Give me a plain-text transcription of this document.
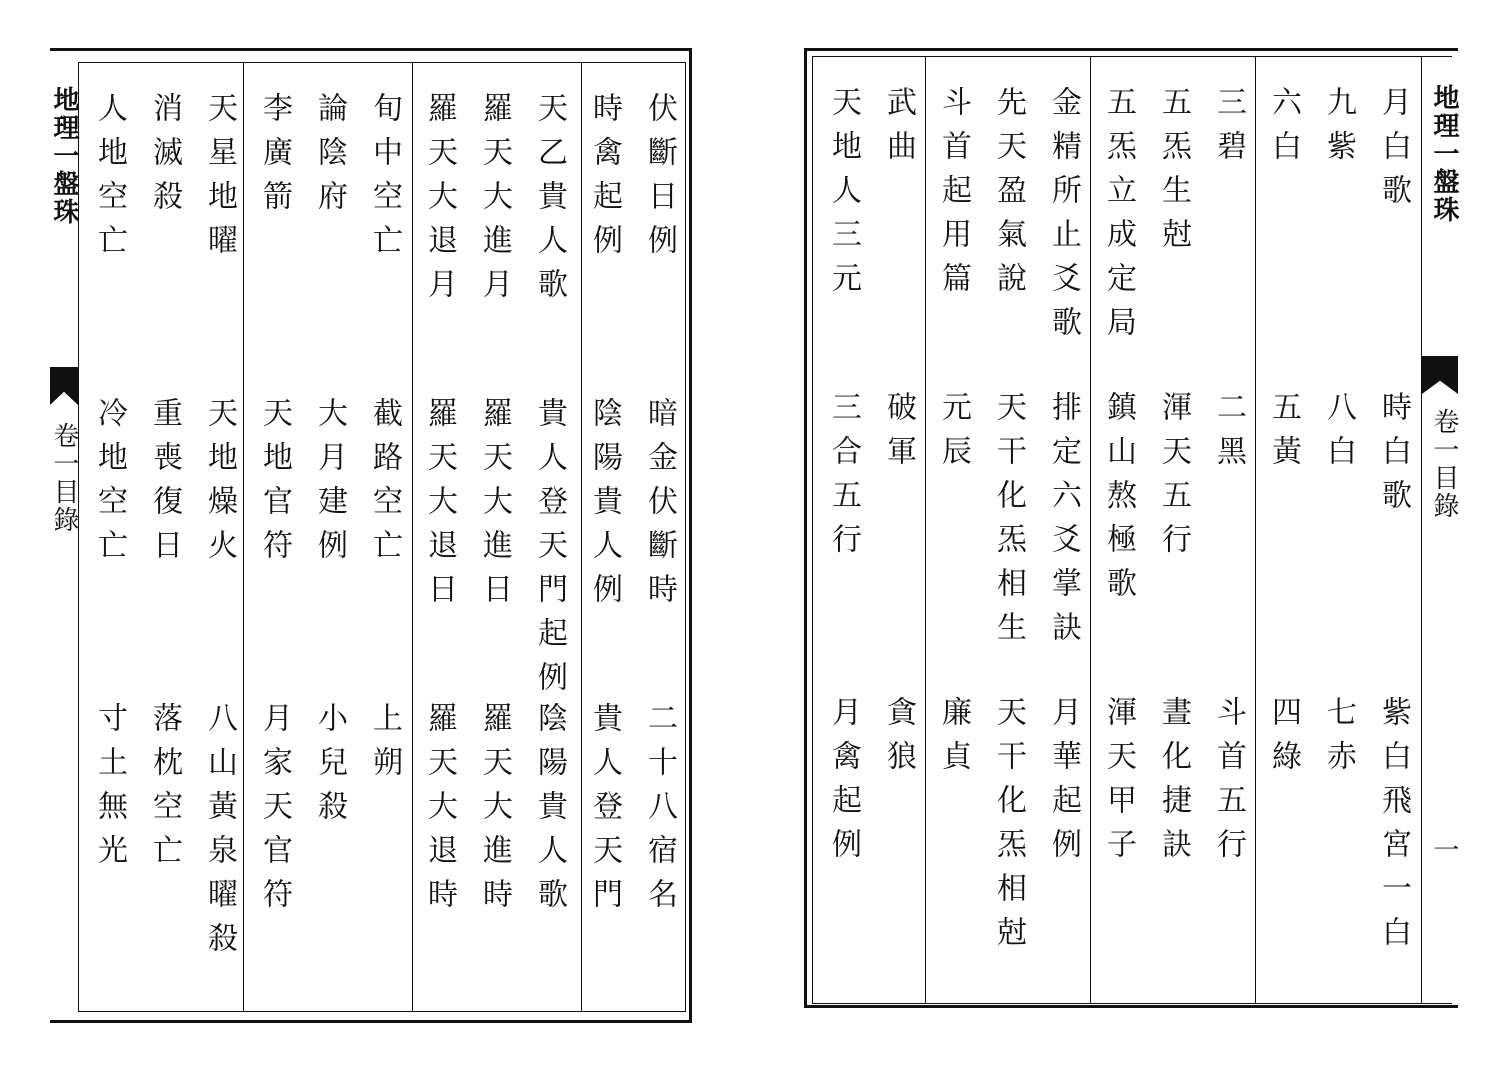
地理一盤珠
卷一目錄
伏斷日例
暗金伏斷時
二十八宿名
時禽起例
陰陽貴人例
貴人登天門
天乙貴人歌
貴人登天門起例
陰陽貴人歌
羅天大進月
羅天大進日
羅天大進時
羅天大退月
羅天大退日
羅天大退時
旬中空亡
截路空亡
上朔
論陰府
大月建例
小兒殺
李廣箭
天地官符
月家天官符
天星地曜
天地燥火
八山黃泉曜殺
消滅殺
重喪復日
落枕空亡
人地空亡
冷地空亡
寸土無光
地理一盤珠
卷一目錄
一
月白歌
時白歌
紫白飛宮一白
九紫
八白
七赤
六白
五黃
四綠
三碧
二黑
斗首五行
五炁生尅
渾天五行
晝化捷訣
五炁立成定局
鎮山熬極歌
渾天甲子
金精所止爻歌
排定六爻掌訣
月華起例
先天盈氣說
天干化炁相生
天干化炁相尅
斗首起用篇
元辰
廉貞
武曲
破軍
貪狼
天地人三元
三合五行
月禽起例
